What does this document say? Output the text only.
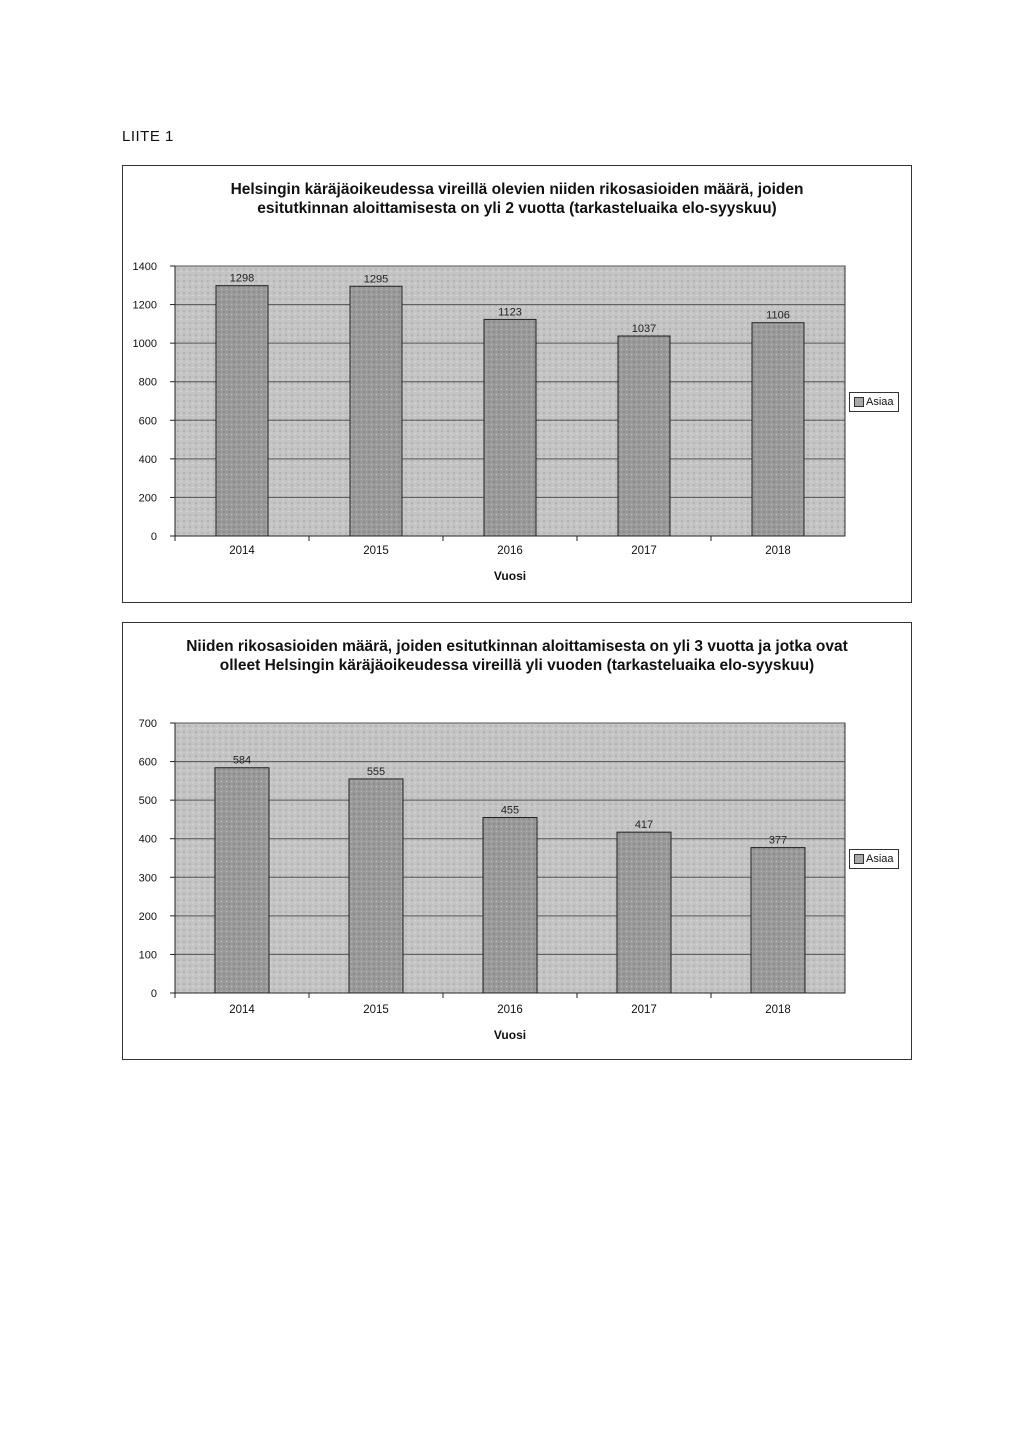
LIITE 1
Helsingin käräjäoikeudessa vireillä olevien niiden rikosasioiden määrä, joiden esitutkinnan aloittamisesta on yli 2 vuotta (tarkasteluaika elo-syyskuu)
0
200
400
600
800
1000
1200
1400
1298
2014
1295
2015
1123
2016
1037
2017
1106
2018
Vuosi
Asiaa
Niiden rikosasioiden määrä, joiden esitutkinnan aloittamisesta on yli 3 vuotta ja jotka ovat olleet Helsingin käräjäoikeudessa vireillä yli vuoden (tarkasteluaika elo-syyskuu)
0
100
200
300
400
500
600
700
584
2014
555
2015
455
2016
417
2017
377
2018
Vuosi
Asiaa
